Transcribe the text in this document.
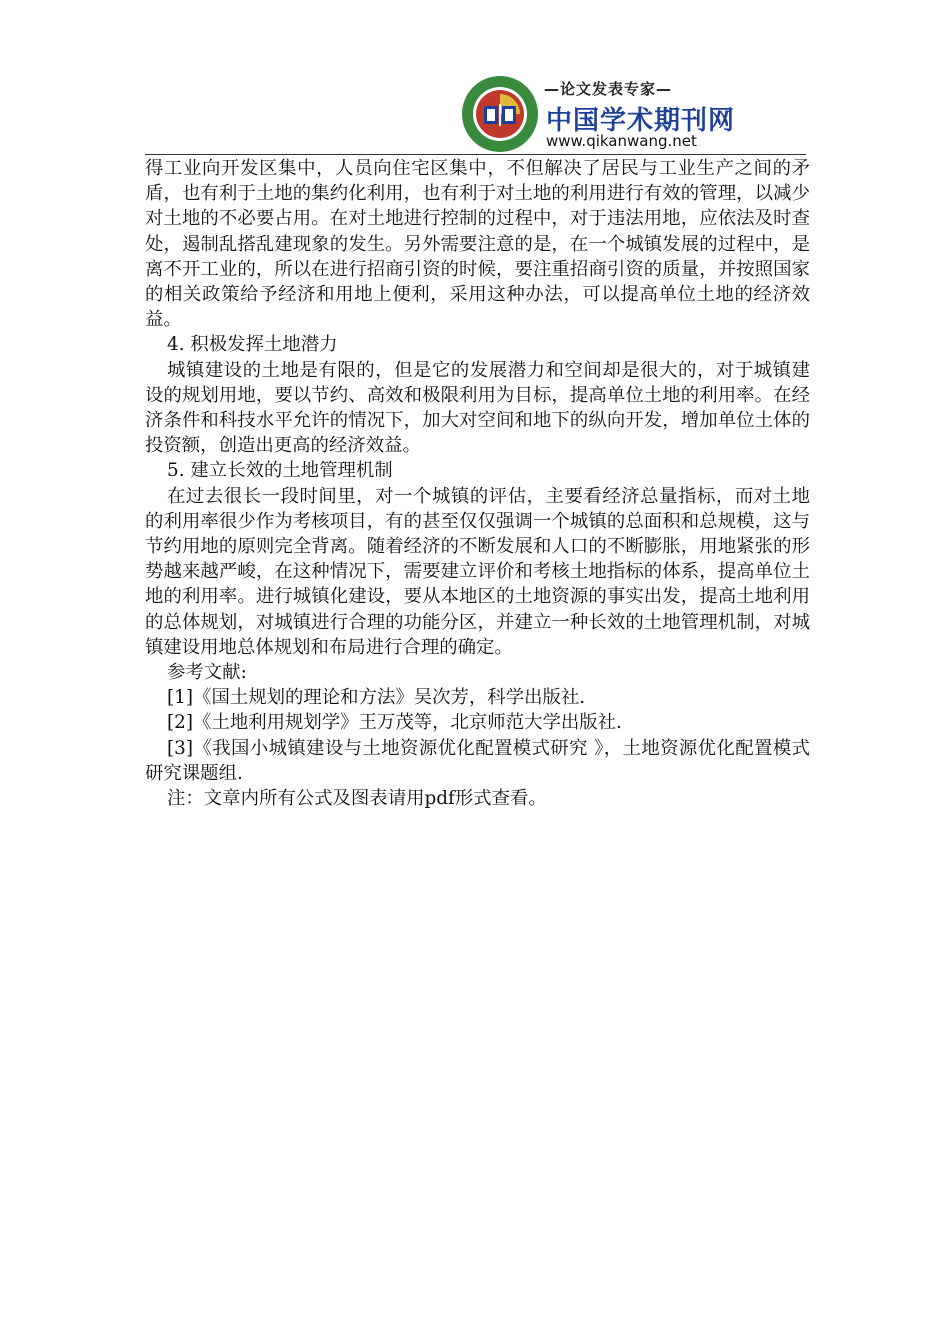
—论文发表专家—
中国学术期刊网
www.qikanwang.net

得工业向开发区集中，人员向住宅区集中，不但解决了居民与工业生产之间的矛盾，也有利于土地的集约化利用，也有利于对土地的利用进行有效的管理，以减少对土地的不必要占用。在对土地进行控制的过程中，对于违法用地，应依法及时查处，遏制乱搭乱建现象的发生。另外需要注意的是，在一个城镇发展的过程中，是离不开工业的，所以在进行招商引资的时候，要注重招商引资的质量，并按照国家的相关政策给予经济和用地上便利，采用这种办法，可以提高单位土地的经济效益。

4. 积极发挥土地潜力

城镇建设的土地是有限的，但是它的发展潜力和空间却是很大的，对于城镇建设的规划用地，要以节约、高效和极限利用为目标，提高单位土地的利用率。在经济条件和科技水平允许的情况下，加大对空间和地下的纵向开发，增加单位土体的投资额，创造出更高的经济效益。

5. 建立长效的土地管理机制

在过去很长一段时间里，对一个城镇的评估，主要看经济总量指标，而对土地的利用率很少作为考核项目，有的甚至仅仅强调一个城镇的总面积和总规模，这与节约用地的原则完全背离。随着经济的不断发展和人口的不断膨胀，用地紧张的形势越来越严峻，在这种情况下，需要建立评价和考核土地指标的体系，提高单位土地的利用率。进行城镇化建设，要从本地区的土地资源的事实出发，提高土地利用的总体规划，对城镇进行合理的功能分区，并建立一种长效的土地管理机制，对城镇建设用地总体规划和布局进行合理的确定。

参考文献:

[1]《国土规划的理论和方法》吴次芳，科学出版社.

[2]《土地利用规划学》王万茂等，北京师范大学出版社.

[3]《我国小城镇建设与土地资源优化配置模式研究 》，土地资源优化配置模式研究课题组.

注：文章内所有公式及图表请用pdf形式查看。
